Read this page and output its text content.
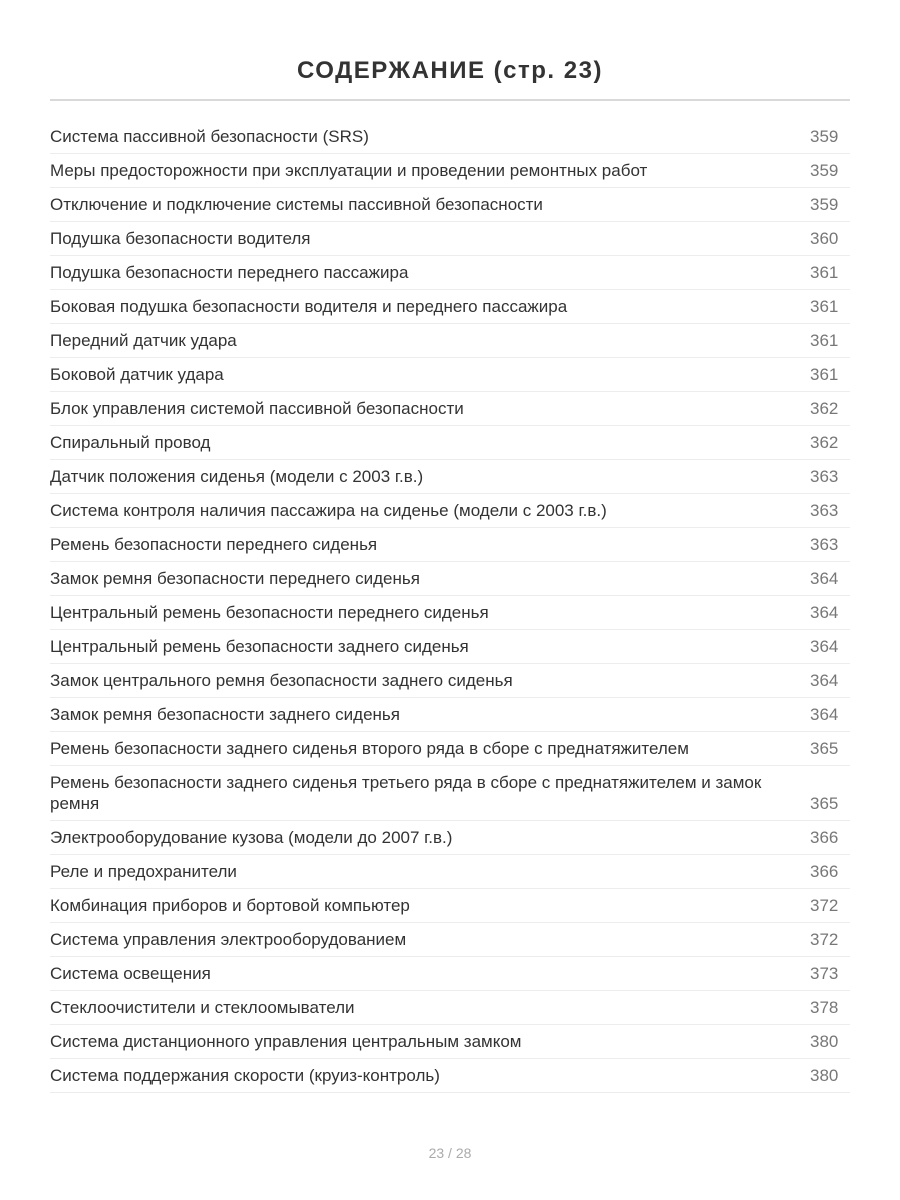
СОДЕРЖАНИЕ (стр. 23)
Система пассивной безопасности (SRS)	359
Меры предосторожности при эксплуатации и проведении ремонтных работ	359
Отключение и подключение системы пассивной безопасности	359
Подушка безопасности водителя	360
Подушка безопасности переднего пассажира	361
Боковая подушка безопасности водителя и переднего пассажира	361
Передний датчик удара	361
Боковой датчик удара	361
Блок управления системой пассивной безопасности	362
Спиральный провод	362
Датчик положения сиденья (модели с 2003 г.в.)	363
Система контроля наличия пассажира на сиденье (модели с 2003 г.в.)	363
Ремень безопасности переднего сиденья	363
Замок ремня безопасности переднего сиденья	364
Центральный ремень безопасности переднего сиденья	364
Центральный ремень безопасности заднего сиденья	364
Замок центрального ремня безопасности заднего сиденья	364
Замок ремня безопасности заднего сиденья	364
Ремень безопасности заднего сиденья второго ряда в сборе с преднатяжителем	365
Ремень безопасности заднего сиденья третьего ряда в сборе с преднатяжителем и замок ремня	365
Электрооборудование кузова (модели до 2007 г.в.)	366
Реле и предохранители	366
Комбинация приборов и бортовой компьютер	372
Система управления электрооборудованием	372
Система освещения	373
Стеклоочистители и стеклоомыватели	378
Система дистанционного управления центральным замком	380
Система поддержания скорости (круиз-контроль)	380
23 / 28
